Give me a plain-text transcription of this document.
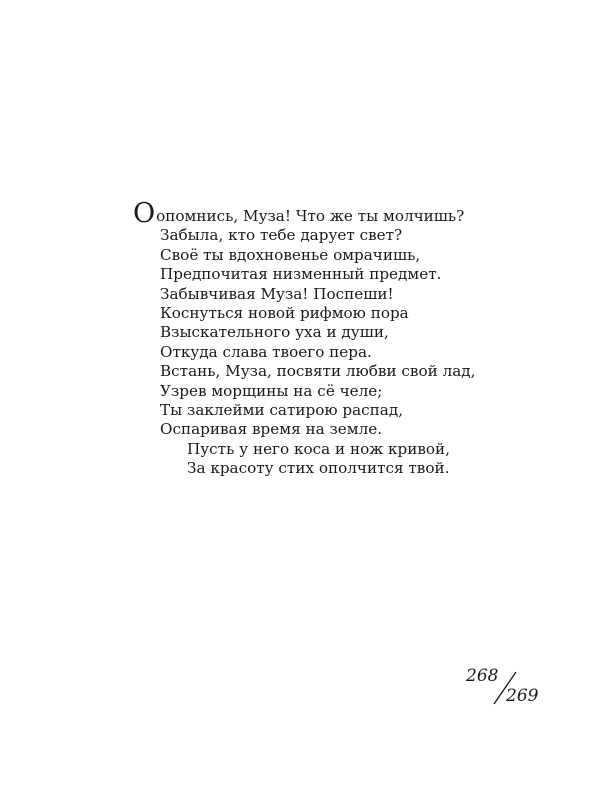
Оопомнись, Муза! Что же ты молчишь?
Забыла, кто тебе дарует свет?
Своё ты вдохновенье омрачишь,
Предпочитая низменный предмет.
Забывчивая Муза! Поспеши!
Коснуться новой рифмою пора
Взыскательного уха и души,
Откуда слава твоего пера.
Встань, Муза, посвяти любви свой лад,
Узрев морщины на сё челе;
Ты заклейми сатирою распад,
Оспаривая время на земле.
Пусть у него коса и нож кривой,
За красоту стих ополчится твой.
268
269
